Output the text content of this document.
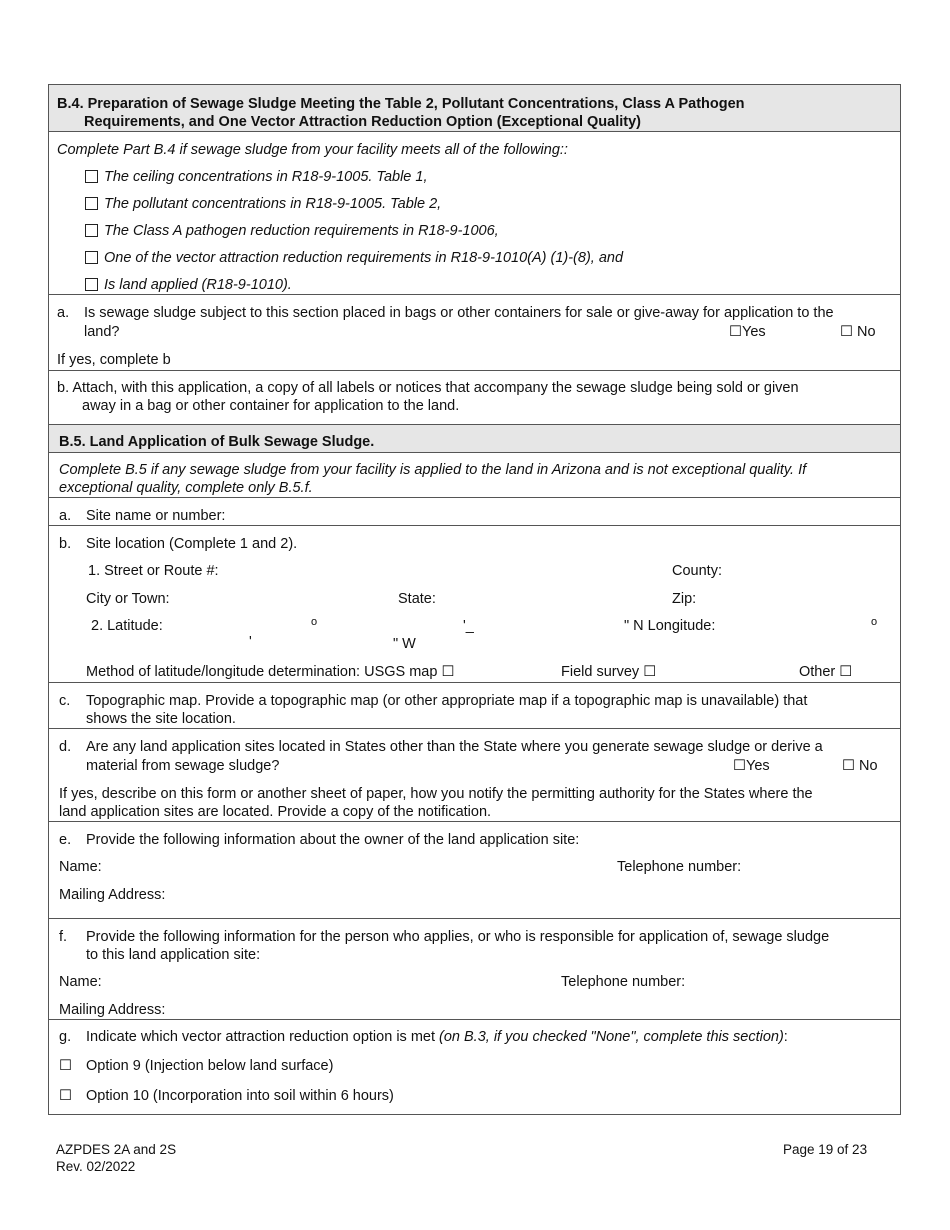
B.4. Preparation of Sewage Sludge Meeting the Table 2, Pollutant Concentrations, Class A Pathogen
Requirements, and One Vector Attraction Reduction Option (Exceptional Quality)
Complete Part B.4 if sewage sludge from your facility meets all of the following::
The ceiling concentrations in R18-9-1005. Table 1,
The pollutant concentrations in R18-9-1005. Table 2,
The Class A pathogen reduction requirements in R18-9-1006,
One of the vector attraction reduction requirements in R18-9-1010(A) (1)-(8), and
Is land applied (R18-9-1010).
a. Is sewage sludge subject to this section placed in bags or other containers for sale or give-away for application to the
land?	☐Yes	☐ No
If yes, complete b
b. Attach, with this application, a copy of all labels or notices that accompany the sewage sludge being sold or given
away in a bag or other container for application to the land.
B.5. Land Application of Bulk Sewage Sludge.
Complete B.5 if any sewage sludge from your facility is applied to the land in Arizona and is not exceptional quality. If
exceptional quality, complete only B.5.f.
a. Site name or number:
b. Site location (Complete 1 and 2).
1. Street or Route #:	County:
City or Town:	State:	Zip:
2. Latitude:	o	'_	" N Longitude:	o
'	" W
Method of latitude/longitude determination: USGS map ☐	Field survey ☐	Other ☐
c. Topographic map. Provide a topographic map (or other appropriate map if a topographic map is unavailable) that
shows the site location.
d. Are any land application sites located in States other than the State where you generate sewage sludge or derive a
material from sewage sludge?	☐Yes	☐ No
If yes, describe on this form or another sheet of paper, how you notify the permitting authority for the States where the
land application sites are located. Provide a copy of the notification.
e. Provide the following information about the owner of the land application site:
Name:	Telephone number:
Mailing Address:
f. Provide the following information for the person who applies, or who is responsible for application of, sewage sludge
to this land application site:
Name:	Telephone number:
Mailing Address:
g. Indicate which vector attraction reduction option is met (on B.3, if you checked "None", complete this section):
☐ Option 9 (Injection below land surface)
☐ Option 10 (Incorporation into soil within 6 hours)
AZPDES 2A and 2S
Rev. 02/2022
Page 19 of 23
